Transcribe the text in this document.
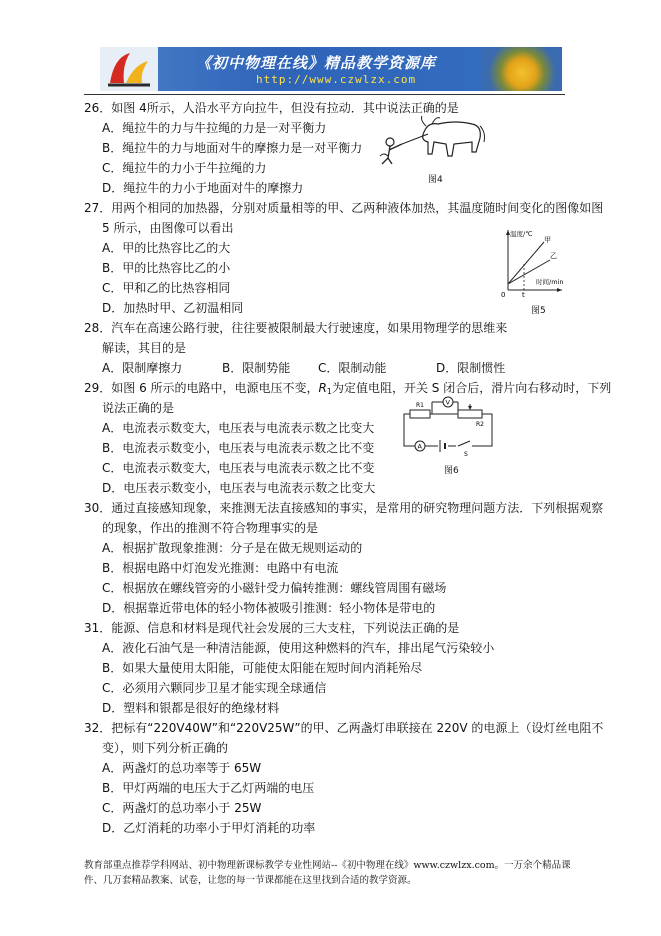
《初中物理在线》精品教学资源库
http://www.czwlzx.com
26．如图 4所示，人沿水平方向拉牛，但没有拉动．其中说法正确的是
A．绳拉牛的力与牛拉绳的力是一对平衡力
B．绳拉牛的力与地面对牛的摩擦力是一对平衡力
C．绳拉牛的力小于牛拉绳的力
D．绳拉牛的力小于地面对牛的摩擦力
图4
27．用两个相同的加热器，分别对质量相等的甲、乙两种液体加热，其温度随时间变化的图像如图
5 所示，由图像可以看出
A．甲的比热容比乙的大
B．甲的比热容比乙的小
C．甲和乙的比热容相同
D．加热时甲、乙初温相同
温度/℃
甲
乙
时间/min
0 t
图5
28．汽车在高速公路行驶，往往要被限制最大行驶速度，如果用物理学的思维来
解读，其目的是
A．限制摩擦力	B．限制势能 C．限制动能	D．限制惯性
29．如图 6 所示的电路中，电源电压不变，$R_1$为定值电阻，开关 S 闭合后，滑片向右移动时，下列
说法正确的是
A．电流表示数变大，电压表与电流表示数之比变大
B．电流表示数变小，电压表与电流表示数之比不变
C．电流表示数变大，电压表与电流表示数之比不变
D．电压表示数变小，电压表与电流表示数之比变大
R1
R2
V
A
S
图6
30．通过直接感知现象，来推测无法直接感知的事实，是常用的研究物理问题方法．下列根据观察
的现象，作出的推测不符合物理事实的是
A．根据扩散现象推测：分子是在做无规则运动的
B．根据电路中灯泡发光推测：电路中有电流
C．根据放在螺线管旁的小磁针受力偏转推测：螺线管周围有磁场
D．根据靠近带电体的轻小物体被吸引推测：轻小物体是带电的
31．能源、信息和材料是现代社会发展的三大支柱，下列说法正确的是
A．液化石油气是一种清洁能源，使用这种燃料的汽车，排出尾气污染较小
B．如果大量使用太阳能，可能使太阳能在短时间内消耗殆尽
C．必须用六颗同步卫星才能实现全球通信
D．塑料和银都是很好的绝缘材料
32．把标有“220V40W”和“220V25W”的甲、乙两盏灯串联接在 220V 的电源上（设灯丝电阻不
变），则下列分析正确的
A．两盏灯的总功率等于 65W
B．甲灯两端的电压大于乙灯两端的电压
C．两盏灯的总功率小于 25W
D．乙灯消耗的功率小于甲灯消耗的功率
教育部重点推荐学科网站、初中物理新课标教学专业性网站--《初中物理在线》www.czwlzx.com。一万余个精品课
件、几万套精品教案、试卷，让您的每一节课都能在这里找到合适的教学资源。
